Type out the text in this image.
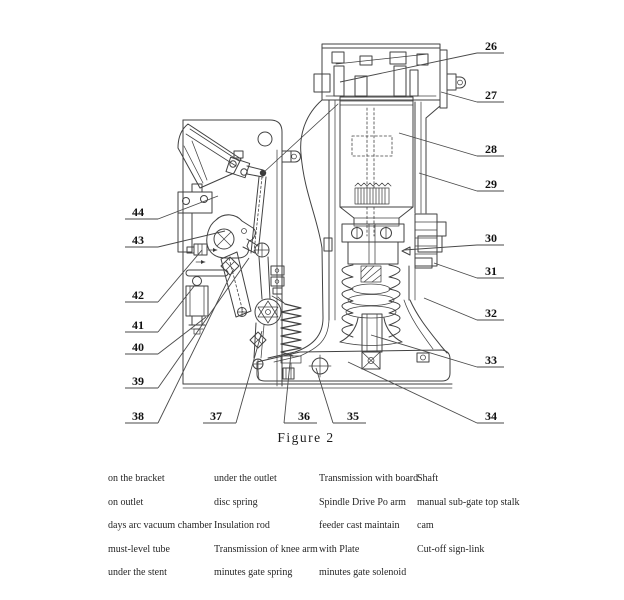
26
27
28
29
30
31
32
33
34
35
36
37
38
39
40
41
42
43
44
Figure 2
on the bracket
on outlet
days arc vacuum chamber
must-level tube
under the stent
under the outlet
disc spring
Insulation rod
Transmission of knee arm
minutes gate spring
Transmission with board
Spindle Drive Po arm
feeder cast maintain
with Plate
minutes gate solenoid
Shaft
manual sub-gate top stalk
cam
Cut-off sign-link
